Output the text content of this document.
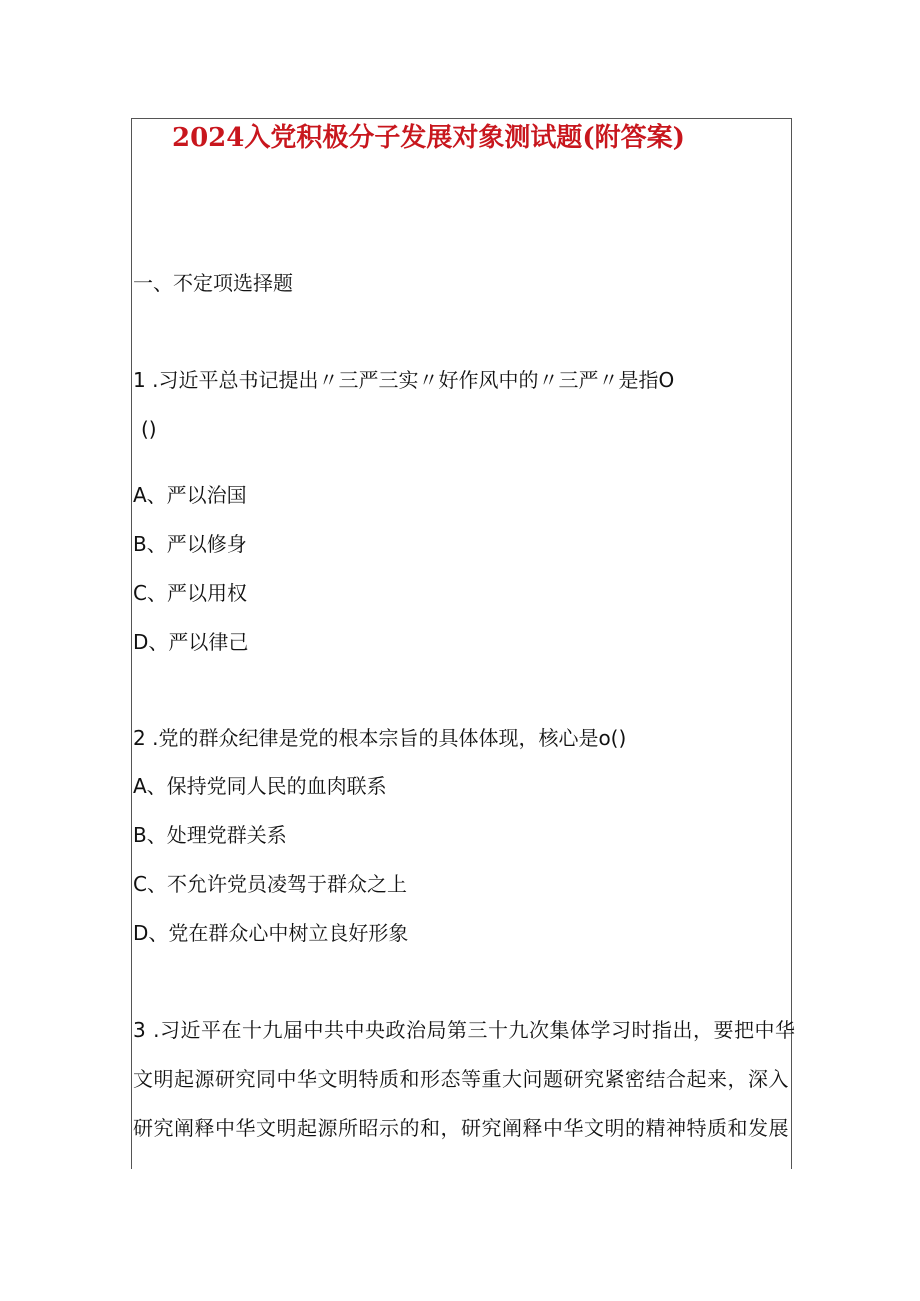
2024入党积极分子发展对象测试题(附答案)
一、不定项选择题
1 .习近平总书记提出〃三严三实〃好作风中的〃三严〃是指O
()
A、严以治国
B、严以修身
C、严以用权
D、严以律己
2 .党的群众纪律是党的根本宗旨的具体体现，核心是o()
A、保持党同人民的血肉联系
B、处理党群关系
C、不允许党员凌驾于群众之上
D、党在群众心中树立良好形象
3 .习近平在十九届中共中央政治局第三十九次集体学习时指出，要把中华
文明起源研究同中华文明特质和形态等重大问题研究紧密结合起来，深入
研究阐释中华文明起源所昭示的和，研究阐释中华文明的精神特质和发展
